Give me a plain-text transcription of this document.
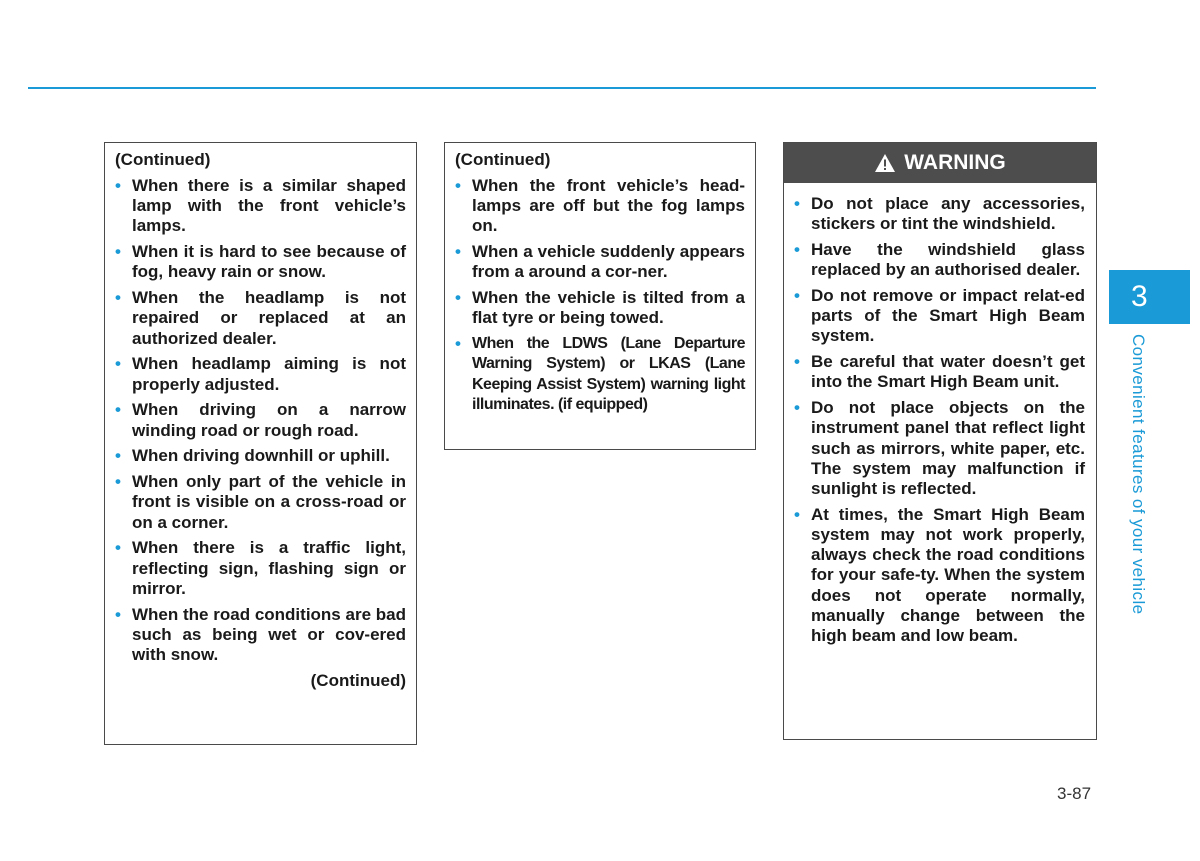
(Continued)
• When there is a similar shaped lamp with the front vehicle’s lamps.
• When it is hard to see because of fog, heavy rain or snow.
• When the headlamp is not repaired or replaced at an authorized dealer.
• When headlamp aiming is not properly adjusted.
• When driving on a narrow winding road or rough road.
• When driving downhill or uphill.
• When only part of the vehicle in front is visible on a cross-road or on a corner.
• When there is a traffic light, reflecting sign, flashing sign or mirror.
• When the road conditions are bad such as being wet or cov-ered with snow.
(Continued)
(Continued)
• When the front vehicle’s head-lamps are off but the fog lamps on.
• When a vehicle suddenly appears from a around a cor-ner.
• When the vehicle is tilted from a flat tyre or being towed.
• When the LDWS (Lane Departure Warning System) or LKAS (Lane Keeping Assist System) warning light illuminates. (if equipped)
WARNING
• Do not place any accessories, stickers or tint the windshield.
• Have the windshield glass replaced by an authorised dealer.
• Do not remove or impact relat-ed parts of the Smart High Beam system.
• Be careful that water doesn’t get into the Smart High Beam unit.
• Do not place objects on the instrument panel that reflect light such as mirrors, white paper, etc. The system may malfunction if sunlight is reflected.
• At times, the Smart High Beam system may not work properly, always check the road conditions for your safe-ty. When the system does not operate normally, manually change between the high beam and low beam.
3
Convenient features of your vehicle
3-87
